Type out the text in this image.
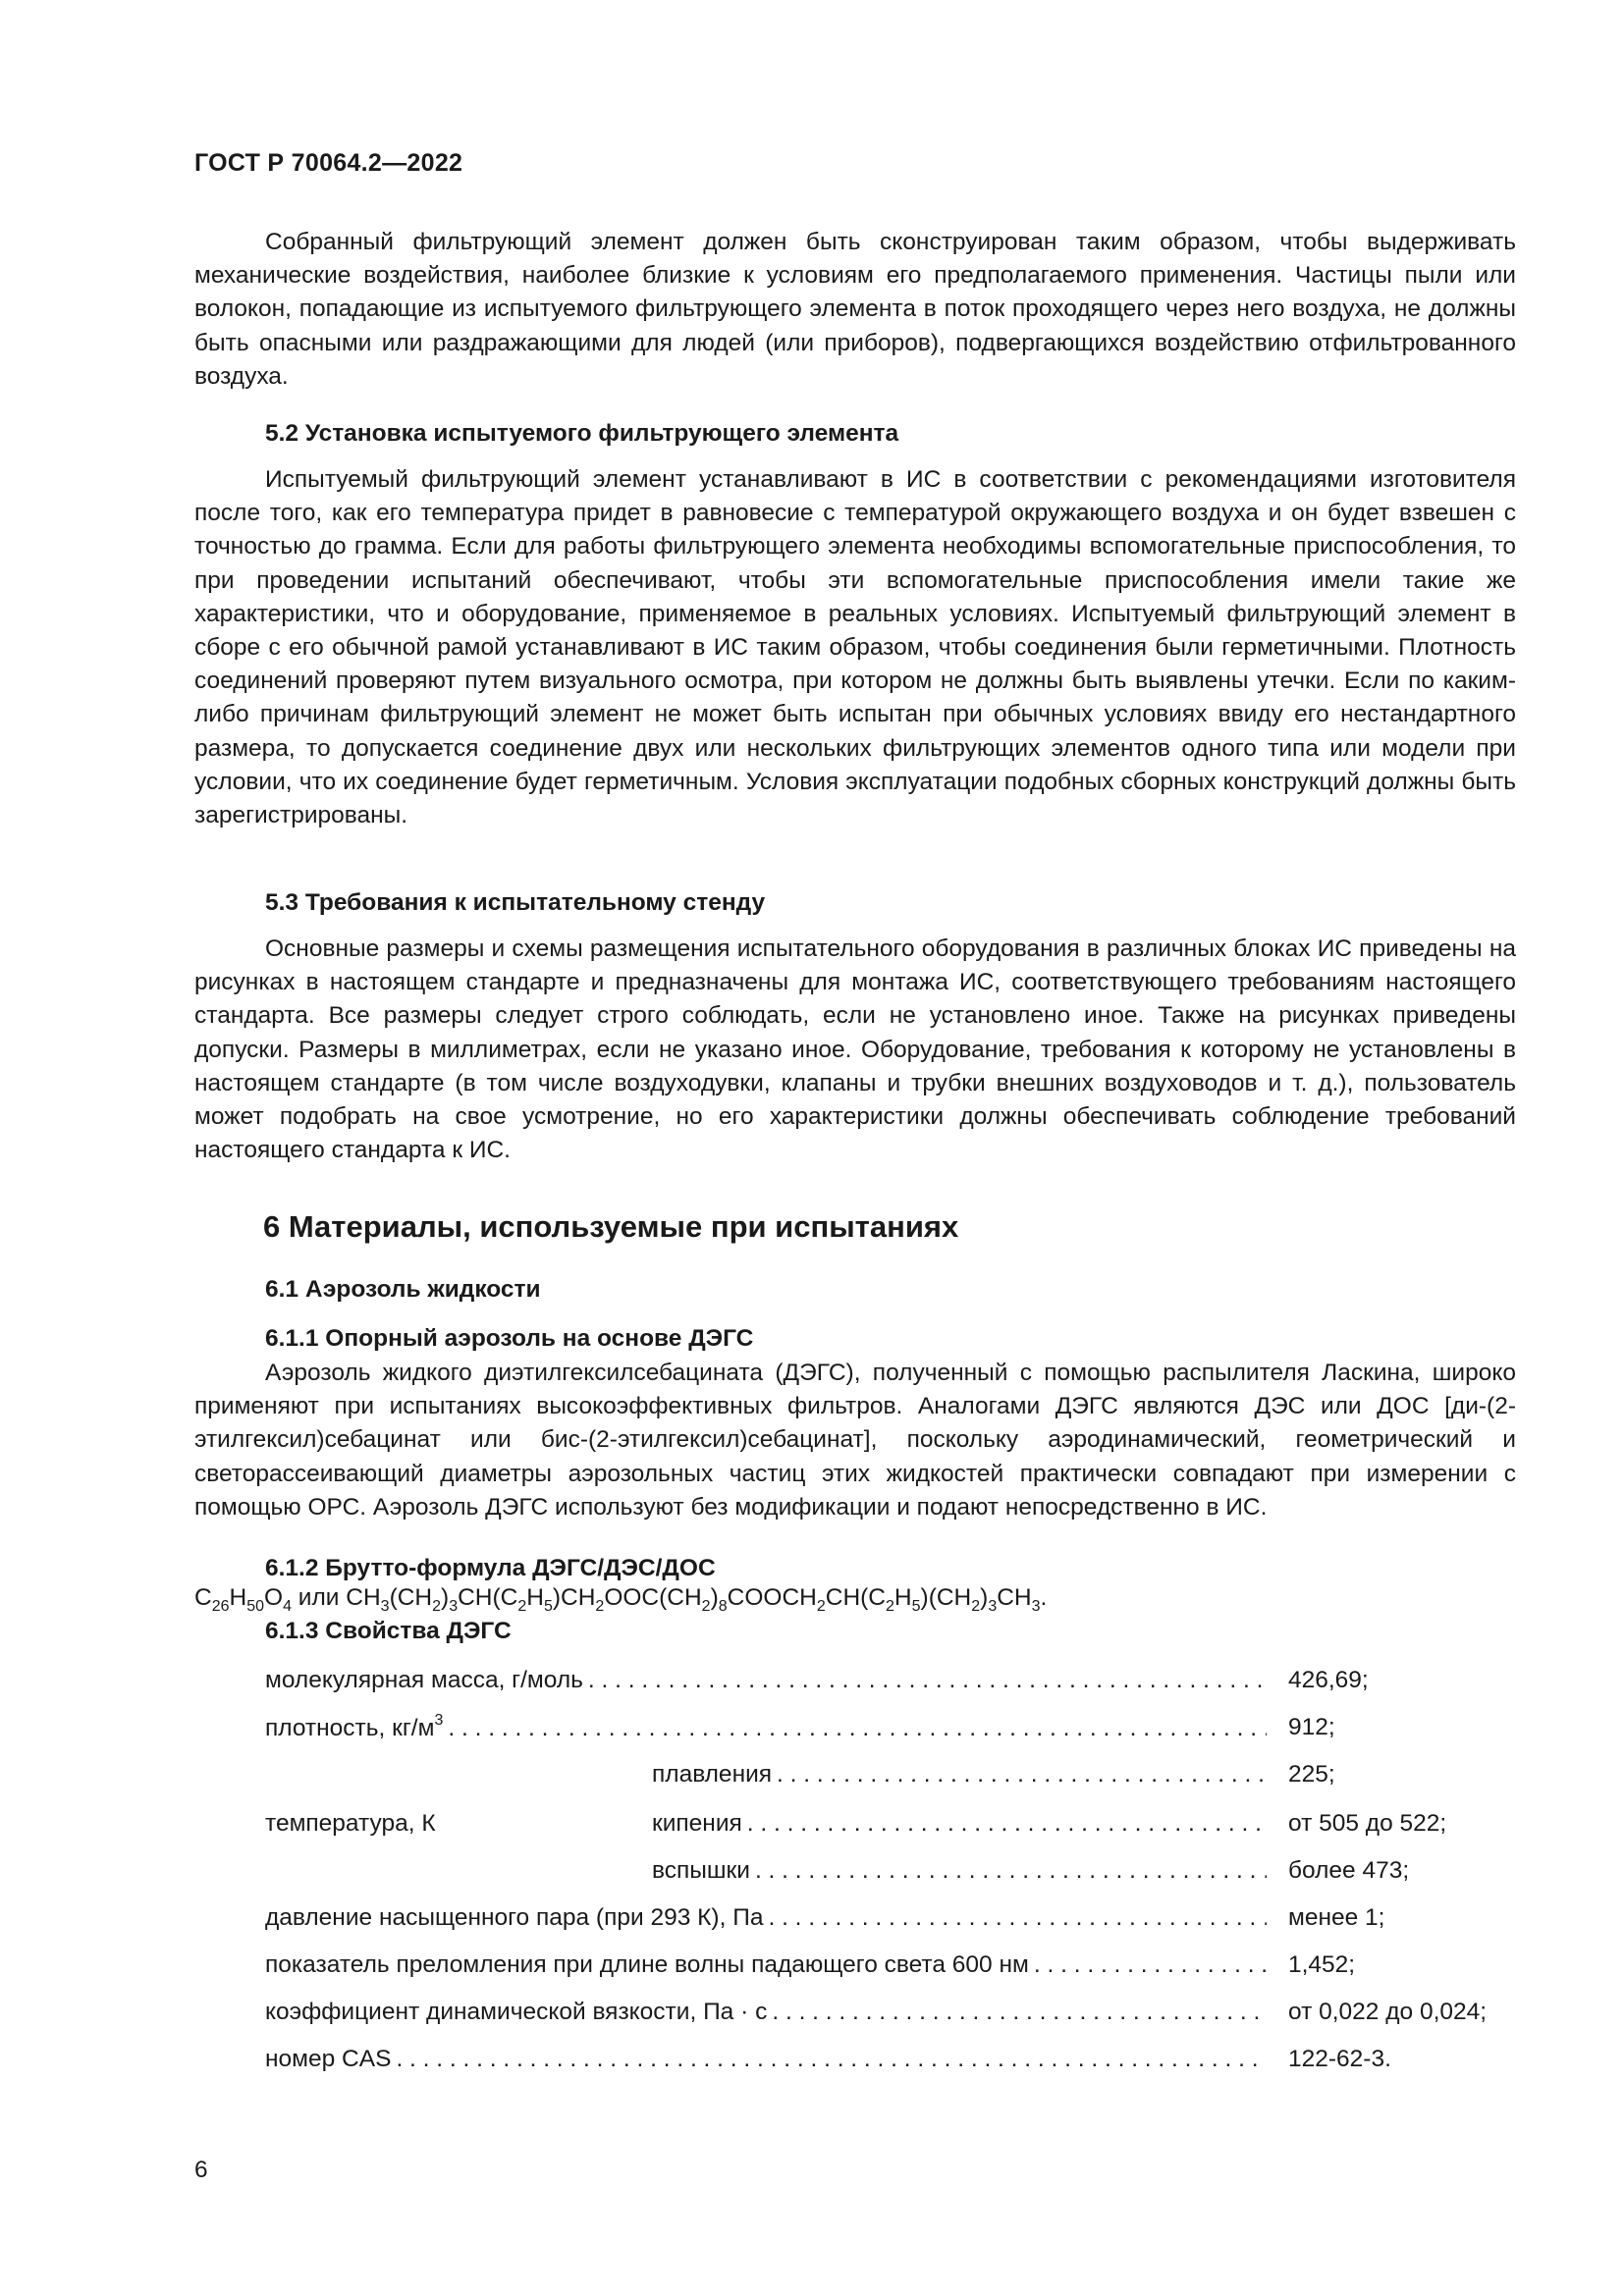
ГОСТ Р 70064.2—2022
Собранный фильтрующий элемент должен быть сконструирован таким образом, чтобы выдерживать механические воздействия, наиболее близкие к условиям его предполагаемого применения. Частицы пыли или волокон, попадающие из испытуемого фильтрующего элемента в поток проходящего через него воздуха, не должны быть опасными или раздражающими для людей (или приборов), подвергающихся воздействию отфильтрованного воздуха.
5.2 Установка испытуемого фильтрующего элемента
Испытуемый фильтрующий элемент устанавливают в ИС в соответствии с рекомендациями изготовителя после того, как его температура придет в равновесие с температурой окружающего воздуха и он будет взвешен с точностью до грамма. Если для работы фильтрующего элемента необходимы вспомогательные приспособления, то при проведении испытаний обеспечивают, чтобы эти вспомогательные приспособления имели такие же характеристики, что и оборудование, применяемое в реальных условиях. Испытуемый фильтрующий элемент в сборе с его обычной рамой устанавливают в ИС таким образом, чтобы соединения были герметичными. Плотность соединений проверяют путем визуального осмотра, при котором не должны быть выявлены утечки. Если по каким-либо причинам фильтрующий элемент не может быть испытан при обычных условиях ввиду его нестандартного размера, то допускается соединение двух или нескольких фильтрующих элементов одного типа или модели при условии, что их соединение будет герметичным. Условия эксплуатации подобных сборных конструкций должны быть зарегистрированы.
5.3 Требования к испытательному стенду
Основные размеры и схемы размещения испытательного оборудования в различных блоках ИС приведены на рисунках в настоящем стандарте и предназначены для монтажа ИС, соответствующего требованиям настоящего стандарта. Все размеры следует строго соблюдать, если не установлено иное. Также на рисунках приведены допуски. Размеры в миллиметрах, если не указано иное. Оборудование, требования к которому не установлены в настоящем стандарте (в том числе воздуходувки, клапаны и трубки внешних воздуховодов и т. д.), пользователь может подобрать на свое усмотрение, но его характеристики должны обеспечивать соблюдение требований настоящего стандарта к ИС.
6 Материалы, используемые при испытаниях
6.1 Аэрозоль жидкости
6.1.1 Опорный аэрозоль на основе ДЭГС
Аэрозоль жидкого диэтилгексилсебацината (ДЭГС), полученный с помощью распылителя Ласкина, широко применяют при испытаниях высокоэффективных фильтров. Аналогами ДЭГС являются ДЭС или ДОС [ди-(2-этилгексил)себацинат или бис-(2-этилгексил)себацинат], поскольку аэродинамический, геометрический и светорассеивающий диаметры аэрозольных частиц этих жидкостей практически совпадают при измерении с помощью ОРС. Аэрозоль ДЭГС используют без модификации и подают непосредственно в ИС.
6.1.2 Брутто-формула ДЭГС/ДЭС/ДОС
$C_{26}H_{50}O_4$ или $CH_3(CH_2)_3CH(C_2H_5)CH_2OOC(CH_2)_8COOCH_2CH(C_2H_5)(CH_2)_3CH_3$.
6.1.3 Свойства ДЭГС
молекулярная масса, г/моль . . .	426,69;
плотность, $кг/м^3$ . . .	912;
температура, К
плавления . . .	225;
кипения . . .	от 505 до 522;
вспышки . . .	более 473;
давление насыщенного пара (при 293 К), Па . . .	менее 1;
показатель преломления при длине волны падающего света 600 нм . . .	1,452;
коэффициент динамической вязкости, Па · с . . .	от 0,022 до 0,024;
номер CAS . . .	122-62-3.
6
